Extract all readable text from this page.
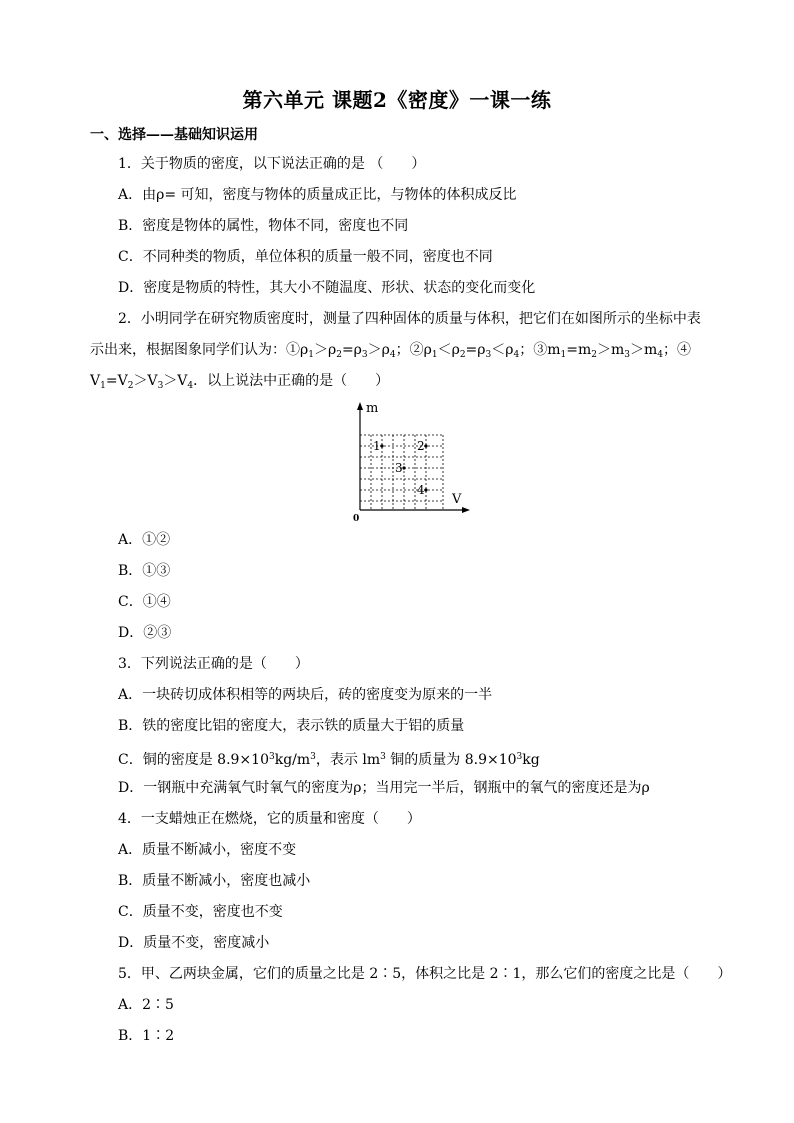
第六单元 课题2《密度》一课一练
一、选择——基础知识运用
1．关于物质的密度，以下说法正确的是 （　　）
A．由ρ= 可知，密度与物体的质量成正比，与物体的体积成反比
B．密度是物体的属性，物体不同，密度也不同
C．不同种类的物质，单位体积的质量一般不同，密度也不同
D．密度是物质的特性，其大小不随温度、形状、状态的变化而变化
2．小明同学在研究物质密度时，测量了四种固体的质量与体积，把它们在如图所示的坐标中表
示出来，根据图象同学们认为：$①\rho_1>\rho_2=\rho_3>\rho_4$；$②\rho_1<\rho_2=\rho_3<\rho_4$；$③m_1=m_2>m_3>m_4$；④
$V_1=V_2>V_3>V_4$．以上说法中正确的是（　　）
m
V
0
1	2
3
4
A．①②
B．①③
C．①④
D．②③
3．下列说法正确的是（　　）
A．一块砖切成体积相等的两块后，砖的密度变为原来的一半
B．铁的密度比铝的密度大，表示铁的质量大于铝的质量
C．铜的密度是 $8.9\times 10^3kg/m^3$，表示 $lm^3$ 铜的质量为 $8.9\times 10^3kg$
D．一钢瓶中充满氧气时氧气的密度为ρ；当用完一半后，钢瓶中的氧气的密度还是为ρ
4．一支蜡烛正在燃烧，它的质量和密度（　　）
A．质量不断减小，密度不变
B．质量不断减小，密度也减小
C．质量不变，密度也不变
D．质量不变，密度减小
5．甲、乙两块金属，它们的质量之比是 2∶5，体积之比是 2∶1，那么它们的密度之比是（　　）
A．2∶5
B．1∶2
